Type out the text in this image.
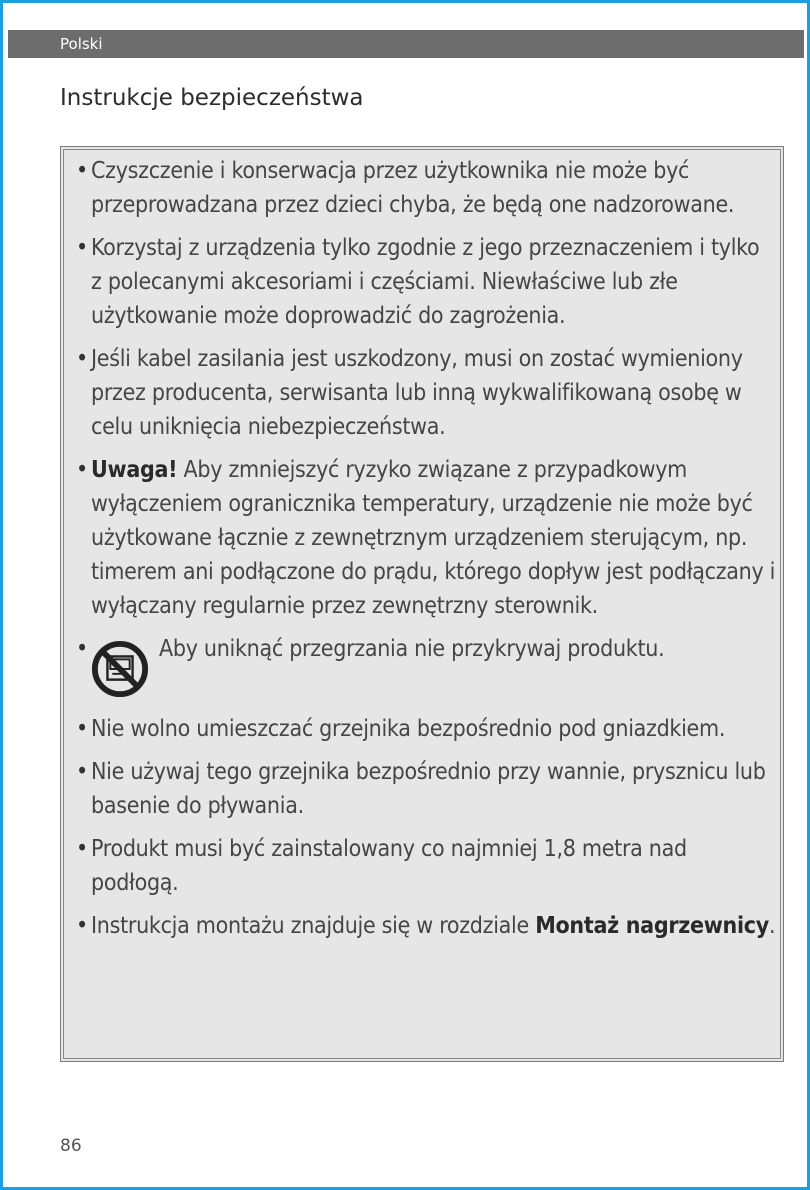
Polski
Instrukcje bezpieczeństwa
• Czyszczenie i konserwacja przez użytkownika nie może być przeprowadzana przez dzieci chyba, że będą one nadzorowane.
• Korzystaj z urządzenia tylko zgodnie z jego przeznaczeniem i tylko z polecanymi akcesoriami i częściami. Niewłaściwe lub złe użytkowanie może doprowadzić do zagrożenia.
• Jeśli kabel zasilania jest uszkodzony, musi on zostać wymieniony przez producenta, serwisanta lub inną wykwalifikowaną osobę w celu uniknięcia niebezpieczeństwa.
• Uwaga! Aby zmniejszyć ryzyko związane z przypadkowym wyłączeniem ogranicznika temperatury, urządzenie nie może być użytkowane łącznie z zewnętrznym urządzeniem sterującym, np. timerem ani podłączone do prądu, którego dopływ jest podłączany i wyłączany regularnie przez zewnętrzny sterownik.
•	Aby uniknąć przegrzania nie przykrywaj produktu.
• Nie wolno umieszczać grzejnika bezpośrednio pod gniazdkiem.
• Nie używaj tego grzejnika bezpośrednio przy wannie, prysznicu lub basenie do pływania.
• Produkt musi być zainstalowany co najmniej 1,8 metra nad podłogą.
• Instrukcja montażu znajduje się w rozdziale Montaż nagrzewnicy.
86
